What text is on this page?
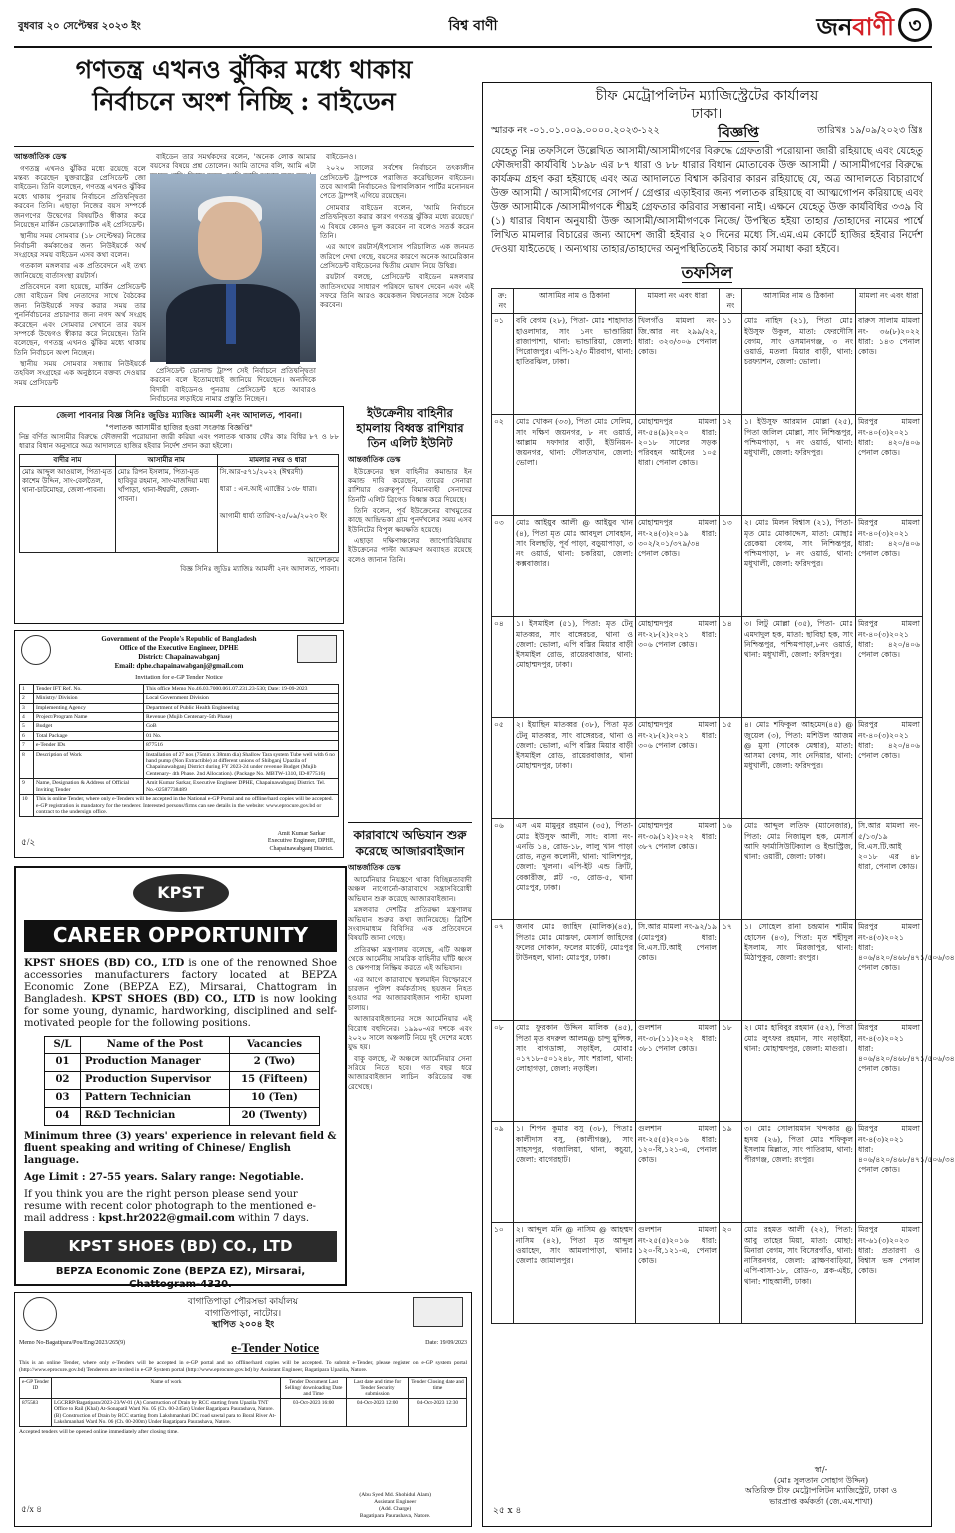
বুধবার ২০ সেপ্টেম্বর ২০২৩ ইং	বিশ্ব বাণী	জনবাণী ৩
গণতন্ত্র এখনও ঝুঁকির মধ্যে থাকায়
নির্বাচনে অংশ নিচ্ছি : বাইডেন
আন্তর্জাতিক ডেস্ক

গণতন্ত্র এখনও ঝুঁকির মধ্যে রয়েছে বলে মন্তব্য করেছেন যুক্তরাষ্ট্রের প্রেসিডেন্ট জো বাইডেন। তিনি বলেছেন, গণতন্ত্র এখনও ঝুঁকির মধ্যে থাকায় পুনরায় নির্বাচনে প্রতিদ্বন্দ্বিতা করবেন তিনি। এছাড়া নিজের বয়স সম্পর্কে জনগণের উদ্বেগের বিষয়টিও স্বীকার করে নিয়েছেন মার্কিন ডেমোক্র্যাটিক এই প্রেসিডেন্ট।

স্থানীয় সময় সোমবার (১৮ সেপ্টেম্বর) নিজের নির্বাচনী কর্মকাণ্ডের জন্য নিউইয়র্কে অর্থ সংগ্রহের সময় বাইডেন এসব কথা বলেন।

গতকাল মঙ্গলবার এক প্রতিবেদনে এই তথ্য জানিয়েছে বার্তাসংস্থা রয়টার্স।

প্রতিবেদনে বলা হয়েছে, মার্কিন প্রেসিডেন্ট জো বাইডেন বিশ্ব নেতাদের সাথে বৈঠকের জন্য নিউইয়র্কে সফর করার সময় তার পুনর্নির্বাচনের প্রচারণার জন্য নগদ অর্থ সংগ্রহ করেছেন এবং সোমবার সেখানে তার বয়স সম্পর্কে উদ্বেগও স্বীকার করে নিয়েছেন। তিনি বলেছেন, গণতন্ত্র এখনও ঝুঁকির মধ্যে থাকায় তিনি নির্বাচনে অংশ নিচ্ছেন।

স্থানীয় সময় সোমবার সন্ধ্যায় নিউইয়র্কে তহবিল সংগ্রহের এক অনুষ্ঠানে বক্তব্য দেওয়ার সময় প্রেসিডেন্ট

বাইডেন তার সমর্থকদের বলেন, 'অনেক লোক আমার বয়সের বিষয়ে প্রশ্ন তোলেন। আমি তাদের বলি, আমি এটা

প্রেসিডেন্ট ডোনাল্ড ট্রাম্প সেই নির্বাচনে প্রতিদ্বন্দ্বিতা করবেন বলে ইতোমধ্যেই জানিয়ে দিয়েছেন। অন্যদিকে বিদায়ী বাইডেনও পুনরায় প্রেসিডেন্ট হতে আবারও নির্বাচনের লড়াইয়ে নামার প্রস্তুতি নিচ্ছেন।

বাইডেনও।

২০২০ সালের সর্বশেষ নির্বাচনে তৎকালীন প্রেসিডেন্ট ট্রাম্পকে পরাজিত করেছিলেন বাইডেন। তবে আগামী নির্বাচনেও রিপাবলিকান পার্টির মনোনয়ন পেতে ট্রাম্পই এগিয়ে রয়েছেন।

সোমবার বাইডেন বলেন, 'আমি নির্বাচনে প্রতিদ্বন্দ্বিতা করার কারণ গণতন্ত্র ঝুঁকির মধ্যে রয়েছে।' এ বিষয়ে কোনও ভুল করবেন না বলেও সতর্ক করেন তিনি।

এর আগে রয়টার্স/ইপসোস পরিচালিত এক জনমত জরিপে দেখা গেছে, বয়সের কারণে অনেক আমেরিকান প্রেসিডেন্ট বাইডেনের দ্বিতীয় মেয়াদ নিয়ে উদ্বিগ্ন।

রয়টার্স বলছে, প্রেসিডেন্ট বাইডেন মঙ্গলবার জাতিসংঘের সাধারণ পরিষদে ভাষণ দেবেন এবং এই সফরে তিনি আরও কয়েকজন বিশ্বনেতার সঙ্গে বৈঠক করবেন।

জেলা পাবনার বিজ্ঞ সিনিঃ জুডিঃ ম্যাজিঃ আমলী ২নং আদালত, পাবনা।
"পলাতক আসামীর হাজির হওয়া সংক্রান্ত বিজ্ঞপ্তি"
নিম্ন বর্ণিত আসামীর বিরুদ্ধে ফৌজদারী পরোয়ানা জারী করিয়া এবং পলাতক থাকায় ফৌঃ কাঃ বিধির ৮৭ ও ৮৮ ধারার বিধান অনুসারে অত্র আদালতে হাজির হইবার নির্দেশ প্রদান করা হইলো।
বাদীর নাম	আসামীর নাম	মামলার নম্বর ও ধারা
মোঃ আব্দুল আওয়াল, পিতা-মৃত কাশেম উদ্দিন, সাং-বেলতৈল, থানা-চাটমোহর, জেলা-পাবনা।	মোঃ রিপন ইসলাম, পিতা-মৃত হাবিবুর রহমান, সাং-মাজদিয়া মধ্য খাঁপাড়া, থানা-ঈশ্বরদী, জেলা-পাবনা।	সি.আর-৫৭১/২০২২ (ঈশ্বরদী)
ধারা : এন.আই এ্যাক্টের ১৩৮ ধারা।
আগামী ধার্য্য তারিখ-২৫/০৯/২০২৩ ইং
আদেশক্রমে
বিজ্ঞ সিনিঃ জুডিঃ ম্যাজিঃ আমলী ২নং আদালত, পাবনা।
Government of the People's Republic of Bangladesh
Office of the Executive Engineer, DPHE
District: Chapainawabganj
Email: dphe.chapainawabganj@gmail.com
Invitation for e-GP Tender Notice
1	Tender IFT Ref. No.	This office Memo No.46.03.7000.061.07.231.23-530; Date: 19-09-2023
2	Ministry/ Division	Local Government Division
3	Implementing Agency	Department of Public Health Engineering
4	Project/Program Name	Revenue (Mujib Centenary-5th Phase)
5	Budget	GoB
6	Total Package	01 No.
7	e-Tender IDs	877516
8	Description of Work	Installation of 27 nos (75mm x 38mm dia) Shallow Tara system Tube well with 6 no hand pump (Non Extractible) at different unions of Shibganj Upazila of Chapainawabganj District during FY 2023-24 under revenue Budget (Mujib Centenary- 4th Phase. 2nd Allocation). (Package No. MBTW-1310, ID-877516)
9	Name, Designation & Address of Official Inviting Tender	Amit Kumar Sarkar, Executive Engineer DPHE, Chapainawabganj District. Tel. No.-02587738489
10	This is online Tender, where only e-Tenders will be accepted in the National e-GP Portal and no offline/hard copies will be accepted. e-GP registration is mandatory for the tenderer. Interested persons/firms can see details in the website: www.eprocure.gov.bd or contract to the undersign office.	
৫/২
Amit Kumar Sarkar
Executive Engineer, DPHE,
Chapainawabganj District.
ইউক্রেনীয় বাহিনীর হামলায় বিধ্বস্ত রাশিয়ার তিন এলিট ইউনিট
আন্তর্জাতিক ডেস্ক

ইউক্রেনের স্থল বাহিনীর কমান্ডার ইন কমান্ড দাবি করেছেন, তারের সেনারা রাশিয়ার গুরুত্বপূর্ণ বিমানবাহী সেনাদের তিনটি এলিট ব্রিগেড বিধ্বস্ত করে দিয়েছে।

তিনি বলেন, পূর্ব ইউক্রেনের বাখমুতের কাছে আন্দ্রিভকা গ্রাম পুনর্দখলের সময় এসব ইউনিটের বিপুল ক্ষয়ক্ষতি হয়েছে।

এছাড়া দক্ষিণাঞ্চলের জাপোরিঝিয়ায় ইউক্রেনের পাল্টা আক্রমণ অব্যাহত রয়েছে বলেও জানান তিনি।

কারাবাখে অভিযান শুরু করেছে আজারবাইজান
আন্তর্জাতিক ডেস্ক

আর্মেনিয়ার নিয়ন্ত্রণে থাকা বিচ্ছিন্নতাবাদী অঞ্চল নাগোর্নো-কারাবাখে সন্ত্রাসবিরোধী অভিযান শুরু করেছে আজারবাইজান।

মঙ্গলবার দেশটির প্রতিরক্ষা মন্ত্রণালয় অভিযান শুরুর কথা জানিয়েছে। ব্রিটিশ সংবাদমাধ্যম বিবিসির এক প্রতিবেদনে বিষয়টি জানা গেছে।

প্রতিরক্ষা মন্ত্রণালয় বলেছে, এটি অঞ্চল থেকে আর্মেনীয় সামরিক বাহিনীর ঘাঁটি ধ্বংস ও ক্ষেপণাস্ত্র নিষ্ক্রিয় করতে এই অভিযান।

এর আগে কারাবাখে স্থলমাইন বিস্ফোরণে চারজন পুলিশ কর্মকর্তাসহ ছয়জন নিহত হওয়ার পর আজারবাইজান পাল্টা হামলা চালায়।

আজারবাইজানের সঙ্গে আর্মেনিয়ার এই বিরোধ বহুদিনের। ১৯৯০-এর দশকে এবং ২০২০ সালে অঞ্চলটি নিয়ে দুই দেশের মধ্যে যুদ্ধ হয়।

বাকু বলছে, ঐ অঞ্চলে আর্মেনিয়ার সেনা সরিয়ে নিতে হবে। গত বছর ধরে আজারবাইজান লাচিন করিডোর বন্ধ রেখেছে।

KPST
CAREER OPPORTUNITY
KPST SHOES (BD) CO., LTD is one of the renowned Shoe accessories manufacturers factory located at BEPZA Economic Zone (BEPZA EZ), Mirsarai, Chattogram in Bangladesh. KPST SHOES (BD) CO., LTD is now looking for some young, dynamic, hardworking, disciplined and self-motivated people for the following positions.
S/L	Name of the Post	Vacancies
01	Production Manager	2 (Two)
02	Production Supervisor	15 (Fifteen)
03	Pattern Technician	10 (Ten)
04	R&D Technician	20 (Twenty)
Minimum three (3) years' experience in relevant field & fluent speaking and writing of Chinese/ English language.
Age Limit : 27-55 years. Salary range: Negotiable.
If you think you are the right person please send your resume with recent color photograph to the mentioned e-mail address : kpst.hr2022@gmail.com within 7 days.
KPST SHOES (BD) CO., LTD
BEPZA Economic Zone (BEPZA EZ), Mirsarai, Chattogram-4320.
বাগাতিপাড়া পৌরসভা কার্যালয়
বাগাতিপাড়া, নাটোর।
স্থাপিত ২০০৪ ইং
Memo No-Bagatipara/Pou/Eng/2023/265(9)	Date: 19/09/2023
e-Tender Notice
This is an online Tender, where only e-Tenders will be accepted in e-GP portal and no offline/hard copies will be accepted. To submit e-Tender, please register on e-GP system portal (http://www.eprocure.gov.bd) Tenderers are invited in e-GP System portal (http://www.eprocure.gov.bd) by Assistant Engineer, Bagatipara Upazila, Natore.
e-GP Tender ID	Name of work	Tender Document Last Selling/ downloading Date and Time	Last date and time for Tender Security submission	Tender Closing date and time
875583	LGCRRP/Bagatipara/2023-23/W-01 (A) Construction of Drain by RCC starting from Upazila TNT Office to Rail (Khal) At-Sonapatil Ward No. 05 (Ch. 00-245m) Under Bagatipara Paurashava, Natore. (B) Construction of Drain by RCC starting from Lakshmanhati DC road sawtal para to Boral River At-Lakshmanhati Ward No. 06 (Ch. 00-200m) Under Bagatipara Paurashava, Natore.	03-Oct-2023 16:00	04-Oct-2023 12:00	04-Oct-2023 12:30
Accepted tenders will be opened online immediately after closing time.
৫/x ৪
(Abu Syed Md. Shohidul Alam)
Assistant Engineer
(Add. Charge)
Bagatipara Paurashava, Natore.
চীফ মেট্রোপলিটন ম্যাজিস্ট্রেটের কার্যালয়
ঢাকা।
স্মারক নং -০১.০১.০০৯.০০০০.২০২৩-১২২	তারিখঃ ১৯/০৯/২০২৩ খ্রিঃ
বিজ্ঞপ্তি
যেহেতু নিম্ন তফসিলে উল্লেখিত আসামী/আসামীগণের বিরুদ্ধে গ্রেফতারী পরোয়ানা জারী রহিয়াছে এবং যেহেতু ফৌজদারী কার্যবিধি ১৮৯৮ এর ৮৭ ধারা ও ৮৮ ধারার বিধান মোতাবেক উক্ত আসামী / আসামীগণের বিরুদ্ধে কার্যক্রম গ্রহণ করা হইয়াছে এবং অত্র আদালতে বিশ্বাস করিবার কারন রহিয়াছে যে, অত্র আদালতে বিচারার্থে উক্ত আসামী / আসামীগণের সোপর্দ / গ্রেপ্তার এড়াইবার জন্য পলাতক রহিয়াছে বা আত্মগোপন করিয়াছে এবং উক্ত আসামীকে /আসামীগণকে শীঘ্রই গ্রেফতার করিবার সম্ভাবনা নাই। এক্ষনে যেহেতু উক্ত কার্যবিধির ৩৩৯ বি (১) ধারার বিধান অনুযায়ী উক্ত আসামী/আসামীগণকে নিজে/ উপস্থিত হইয়া তাহার /তাহাদের নামের পার্শ্বে লিখিত মামলার বিচারের জন্য আদেশ জারী হইবার ২০ দিনের মধ্যে সি.এম.এম কোর্টে হাজির হইবার নির্দেশ দেওয়া যাইতেছে । অন্যথায় তাহার/তাহাদের অনুপস্থিতিতেই বিচার কার্য সমাধা করা হইবে।
তফসিল
ক্র: নং	আসামির নাম ও ঠিকানা	মামলা নং এবং ধারা	ক্র: নং	আসামির নাম ও ঠিকানা	মামলা নং এবং ধারা
০১	ববি বেগম (২৮), পিতা- মোঃ শাহাদাত হাওলাদার, সাং ১নং ভাণ্ডারিয়া রাজাপাশা, থানা: ভান্ডারিয়া, জেলা: পিরোজপুর। এপি-১২/৩ মীরবাগ, থানা: হাতিরঝিল, ঢাকা।	খিলগাঁও মামলা নং-জি.আর নং ২৯৯/২২, ধারা: ৩২৩/৩০৬ পেনাল কোড।	১১	মোঃ নাহিদ (২১), পিতা মোঃ ইউসুফ উকুল, মাতা: ফেরদৌসি বেগম, সাং ওসমানগঞ্জ, ৩ নং ওয়ার্ড, মতলা মিয়ার বাড়ী, থানা: চরফ্যাশন, জেলা: ভোলা।	বারুস সালাম মামলা নং- ৩৬(৮)২০২২ ধারা: ১৪৩ পেনাল কোড।
০২	মোঃ খোকন (৩৩), পিতা মোঃ সেলিম, সাং দক্ষিণ জয়নগর, ৮ নং ওয়ার্ড, আল্লাম দফাদার বাড়ী, ইউনিয়ন- জয়নগর, থানা: দৌলতখান, জেলা: ভোলা।	মোহাম্মদপুর মামলা নং-৫৪(৯)২০২০ ধারা: ২০১৮ সালের সড়ক পরিবহন আইনের ১০৫ ধারা। পেনাল কোড।	১২	১। ইউসুফ আরমান মোল্লা (২৫), পিতা জলিল মোল্লা, সাং নিশ্চিন্তপুর, পশ্চিমপাড়া, ৭ নং ওয়ার্ড, থানা: মধুখালী, জেলা: ফরিদপুর।	মিরপুর মামলা নং-৪০(৩)২০২১ ধারা: ৪২০/৪০৬ পেনাল কোড।
০৩	মোঃ আইয়ুব আলী @ আইয়ুব খান (৪), পিতা মৃত মোঃ আবদুল সোবহান, সাং বিলছড়ি, পূর্ব পাড়া, বড়ুয়াপাড়া, ৩ নং ওয়ার্ড, থানা: চকরিয়া, জেলা: কক্সবাজার।	মোহাম্মদপুর মামলা নং-২৪(৩)২০১৯ ধারা: ৩০২/২০১/৩৭৯/৩৪ পেনাল কোড।	১৩	২। মোঃ মিলন বিশ্বাস (২১), পিতা- মৃত মোঃ মোকাদ্দেস, মাতা: মোছাঃ রেকেয়া বেগম, সাং নিশ্চিন্তপুর, পশ্চিমপাড়া, ৮ নং ওয়ার্ড, থানা: মধুখালী, জেলা: ফরিদপুর।	মিরপুর মামলা নং-৪০(৩)২০২১ ধারা: ৪২০/৪০৬ পেনাল কোড।
০৪	১। ইসমাইল (৫১), পিতা: মৃত টেনু মাতব্বর, সাং বাঙ্গেরচর, থানা ও জেলা: ভোলা, এপি বস্তির মিয়ার বাড়ী ইসমাইল রোড, রায়েরবাজার, থানা: মোহাম্মদপুর, ঢাকা।	মোহাম্মদপুর মামলা নং-২৮(২)২০২১ ধারা: ৩০৬ পেনাল কোড।	১৪	৩। লিটু মোল্লা (৩৫), পিতা- মোঃ এমদাদুল হক, মাতা: ছাবিহা হক, সাং নিশ্চিন্তপুর, পশ্চিমপাড়া,৮নং ওয়ার্ড, থানা: মধুখালী, জেলা: ফরিদপুর।	মিরপুর মামলা নং-৪০(৩)২০২১ ধারা: ৪২০/৪০৬ পেনাল কোড।
০৫	২। ইয়াছিন মাতব্বর (৩৮), পিতা মৃত টেনু মাতব্বর, সাং বাঙ্গেরচর, থানা ও জেলা: ভোলা, এপি বস্তির মিয়ার বাড়ী ইসমাইল রোড, রায়েরবাজার, থানা মোহাম্মদপুর, ঢাকা।	মোহাম্মদপুর মামলা নং-২৮(২)২০২১ ধারা: ৩০৬ পেনাল কোড।	১৫	৪। মোঃ শফিকুল আহমেদ(৪৫) @ জুয়েল (৩), পিতা: মশিউল আজম @ মুসা (সাবেক মেম্বার), মাতা: আসমা বেগম, সাং নেদিয়ার, থানা: মধুখালী, জেলা: ফরিদপুর।	মিরপুর মামলা নং-৪০(৩)২০২১ ধারা: ৪২০/৪০৬ পেনাল কোড।
০৬	এস এম মামুনুর রহমান (৩৫), পিতা- মোঃ ইউসুফ আলী, সাং: বাসা নং- এনডি ১৪, রোড-১৮, লালু খান পাড়া রোড, নতুন কলোনী, থানা: খালিশপুর, জেলা: খুলনা। এপি-ইট এন্ড ক্রিটি, বেকারীজ, প্লট -৩, রোড-৫, থানা মোঃপুর, ঢাকা।	মোহাম্মদপুর মামলা নং-৩৯(১২)২০২২ ধারা: ৩৮৭ পেনাল কোড।	১৬	মোঃ আব্দুল লতিফ (ম্যানেজার), পিতা: মোঃ নিজামুল হক, মেসার্স আদি ফার্মাসিউটিক্যাল ও ইন্ডাস্ট্রিজ, থানা: ওয়ারী, জেলা: ঢাকা।	সি.আর মামলা নং- ৫/১৩/১৯ বি.এস.টি.আই ২০১৮ এর ৪৮ ধারা, পেনাল কোড।
০৭	জনাব মোঃ জাহিদ (মালিক)(৪৫), পিতাঃ মোঃ মোস্তফা, মেসার্স জাহিদের ফলের দোকান, ফলের মার্কেট, মোঃপুর টাউনহল, থানা: মোঃপুর, ঢাকা।	সি.আর মামলা নং-৯২/১৯ (মোঃপুর) ধারা: বি.এস.টি.আই পেনাল কোড।	১৭	১। সোহেল রানা চন্দ্রমান শামীম হোসেন (৪৩), পিতা: মৃত শহীদুল ইসলাম, সাং মিরজাপুর, থানা: মিঠাপুকুর, জেলা: রংপুর।	মিরপুর মামলা নং-৪(৩)২০২১ ধারা: ৪০৬/৪২০/৪৬৮/৪৭১/৫০৬/৩৪ পেনাল কোড।
০৮	মোঃ ফুরকান উদ্দিন মালিক (৪৫), পিতা মৃত বদরুল আলম@ চান্দু মুন্সিক, সাং বাগডাঙ্গা, সড়াইল, মোবাঃ ০১৭১৮-৫০১২৪৮, সাং শরালা, থানা: লোহাগড়া, জেলা: নড়াইল।	গুলশান মামলা নং-৩৮(১১)২০২২ ধারা: ৩৮১ পেনাল কোড।	১৮	২। মোঃ হাবিবুর রহমান (৫২), পিতা মোঃ লুৎফর রহমান, সাং নড়াইয়া, থানা: মোহাম্মদপুর, জেলা: মাগুরা।	মিরপুর মামলা নং-৪(৩)২০২১ ধারা: ৪০৬/৪২০/৪৬৮/৪৭১/৫০৬/৩৪ পেনাল কোড।
০৯	১। শিপন কুমার বসু (৩৮), পিতাঃ কালীদাস বসু, (কালীগঞ্জ), সাং সাহসপুর, গজালিয়া, থানা, কচুয়া, জেলা: বাগেরহাট।	গুলশান মামলা নং-২৫(৫)২০১৬ ধারা: ১২০-বি,১২১-এ, পেনাল কোড।	১৯	৩। মোঃ সোলায়মান খন্দকার @ হৃদয় (২৬), পিতা মোঃ শফিকুল ইসলাম মিল্লাত, সাং পাতিরাম, থানা: পীরগঞ্জ, জেলা: রংপুর।	মিরপুর মামলা নং-৪(৩)২০২১ ধারা: ৪০৬/৪২০/৪৬৮/৪৭১/৫০৬/৩৪ পেনাল কোড।
১০	২। আব্দুল মনি @ নাসিম @ আহম্মদ নাসিম (৪২), পিতা মৃত আব্দুল ওয়াহেদ, সাং আমলাপাড়া, থানাঃ জেলাঃ জামালপুর।	গুলশান মামলা নং-২৫(৫)২০১৬ ধারা: ১২০-বি,১২১-এ, পেনাল কোড।	২০	মোঃ রহমত আলী (২২), পিতা: আবু তাহের মিয়া, মাতা: মোছা: মিনারা বেগম, সাং বিসেরগাঁও, থানা: নাসিরনগর, জেলা: ব্রাক্ষণবাড়িয়া, এপি-বাসা-১৮, রোড-৩, ব্লক-এইচ, থানা: শাহআলী, ঢাকা।	মিরপুর মামলা নং-৬১(৩)২০২৩ ধারা: প্রতারণা ও বিশ্বাস ভঙ্গ পেনাল কোড।
স্বা/-
(মোঃ সুলতান সোহাগ উদ্দিন)
অতিরিক্ত চীফ মেট্রোপলিটন ম্যাজিস্ট্রেট, ঢাকা ও
ভারপ্রাপ্ত কর্মকর্তা (জে.এম.শাখা)
২৫ x ৪
